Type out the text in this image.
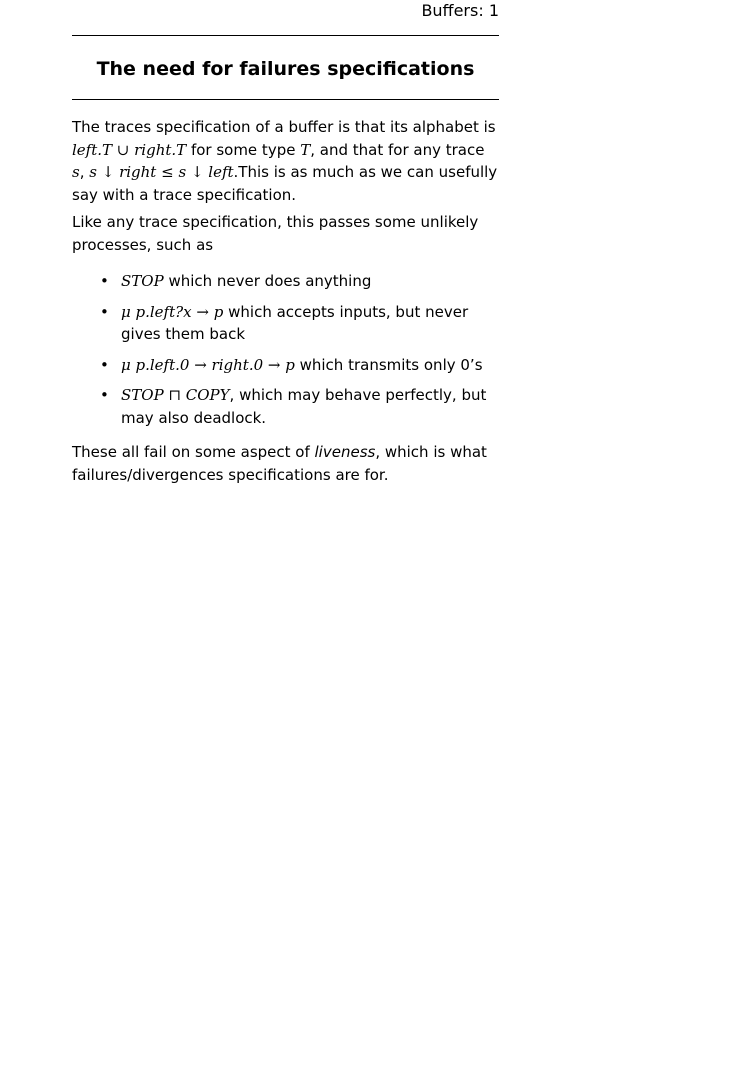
Buffers: 1
The need for failures specifications

The traces specification of a buffer is that its alphabet is left.T ∪ right.T for some type T, and that for any trace s, s ↓ right ≤ s ↓ left.This is as much as we can usefully say with a trace specification.

Like any trace specification, this passes some unlikely processes, such as

• STOP which never does anything
• μ p.left?x → p which accepts inputs, but never gives them back
• μ p.left.0 → right.0 → p which transmits only 0’s
• STOP ⊓ COPY, which may behave perfectly, but may also deadlock.

These all fail on some aspect of liveness, which is what failures/divergences specifications are for.
